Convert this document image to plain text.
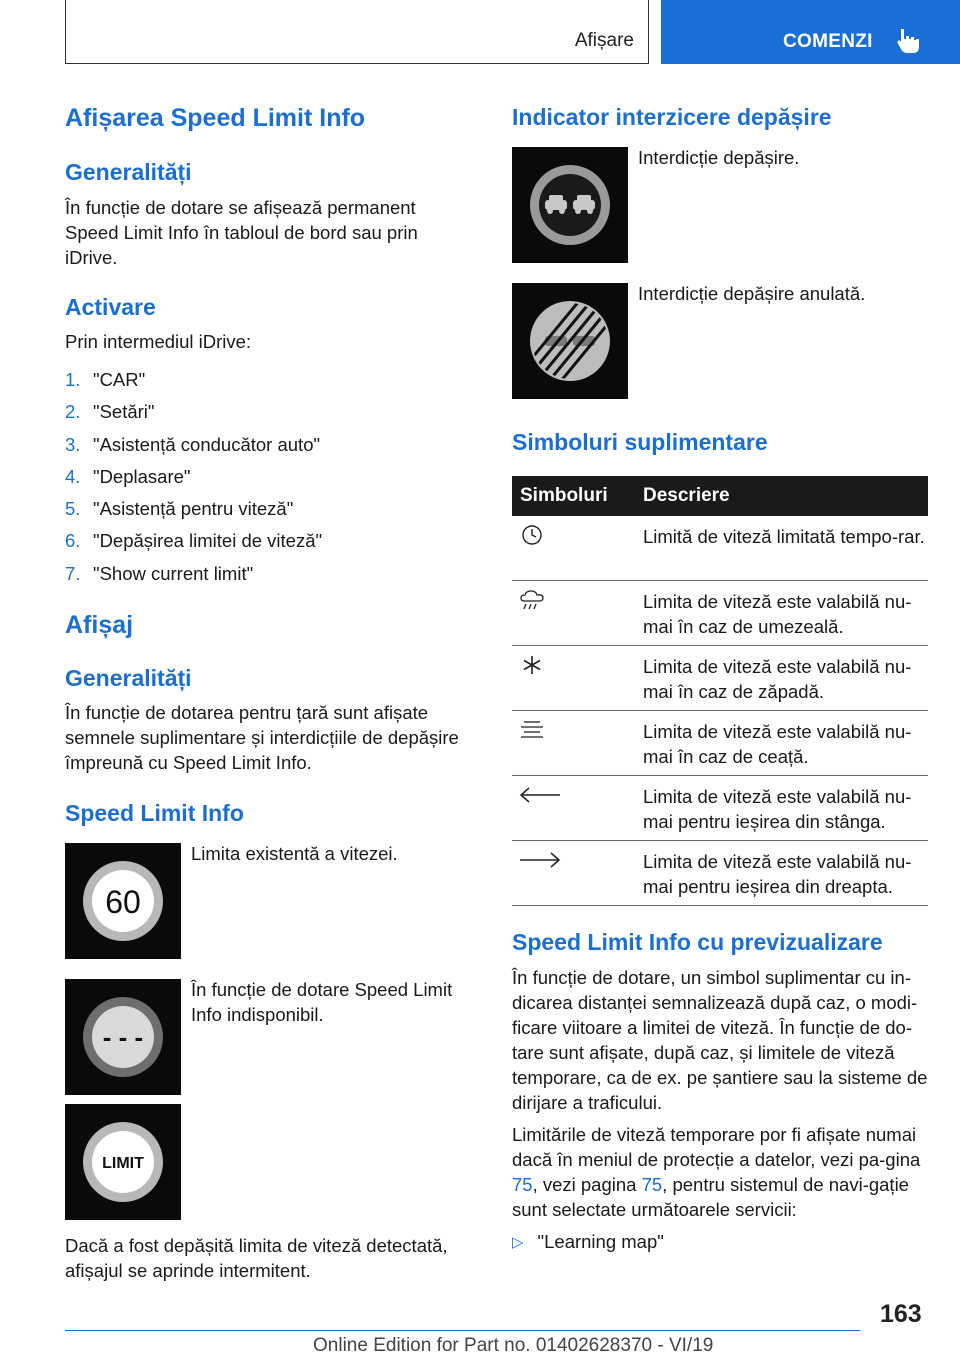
Afișare	COMENZI
Afișarea Speed Limit Info
Generalități
În funcție de dotare se afișează permanent Speed Limit Info în tabloul de bord sau prin iDrive.
Activare
Prin intermediul iDrive:
1. "CAR"
2. "Setări"
3. "Asistență conducător auto"
4. "Deplasare"
5. "Asistență pentru viteză"
6. "Depășirea limitei de viteză"
7. "Show current limit"
Afișaj
Generalități
În funcție de dotarea pentru țară sunt afișate semnele suplimentare și interdicțiile de depășire împreună cu Speed Limit Info.
Speed Limit Info
60
Limita existentă a vitezei.
- - -
În funcție de dotare Speed Limit Info indisponibil.
LIMIT
Dacă a fost depășită limita de viteză detectată, afișajul se aprinde intermitent.
Indicator interzicere depășire
Interdicție depășire.
Interdicție depășire anulată.
Simboluri suplimentare
Simboluri Descriere
Limită de viteză limitată tempo-rar.
Limita de viteză este valabilă nu-mai în caz de umezeală.
Limita de viteză este valabilă nu-mai în caz de zăpadă.
Limita de viteză este valabilă nu-mai în caz de ceață.
Limita de viteză este valabilă nu-mai pentru ieșirea din stânga.
Limita de viteză este valabilă nu-mai pentru ieșirea din dreapta.
Speed Limit Info cu previzualizare
În funcție de dotare, un simbol suplimentar cu in-dicarea distanței semnalizează după caz, o modi-ficare viitoare a limitei de viteză. În funcție de do-tare sunt afișate, după caz, și limitele de viteză temporare, ca de ex. pe șantiere sau la sisteme de dirijare a traficului.
Limitările de viteză temporare por fi afișate numai dacă în meniul de protecție a datelor, vezi pa-gina 75, vezi pagina 75, pentru sistemul de navi-gație sunt selectate următoarele servicii:
▷ "Learning map"
163
Online Edition for Part no. 01402628370 - VI/19
